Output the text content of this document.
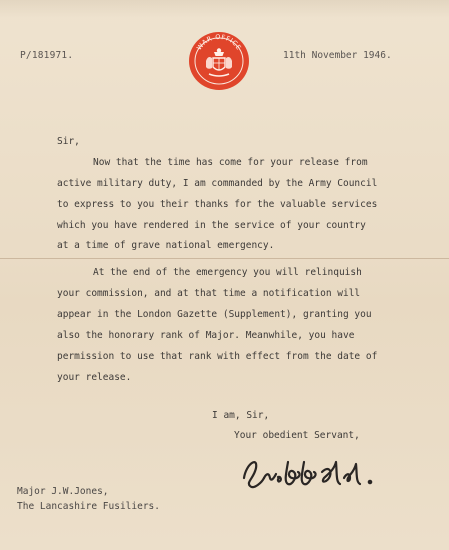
P/181971.
WAR OFFICE
11th November 1946.
Sir,
Now that the time has come for your release from
active military duty, I am commanded by the Army Council
to express to you their thanks for the valuable services
which you have rendered in the service of your country
at a time of grave national emergency.
At the end of the emergency you will relinquish
your commission, and at that time a notification will
appear in the London Gazette (Supplement), granting you
also the honorary rank of Major. Meanwhile, you have
permission to use that rank with effect from the date of
your release.
I am, Sir,
Your obedient Servant,
Eric B. B. Speed.
Major J.W.Jones,
The Lancashire Fusiliers.
